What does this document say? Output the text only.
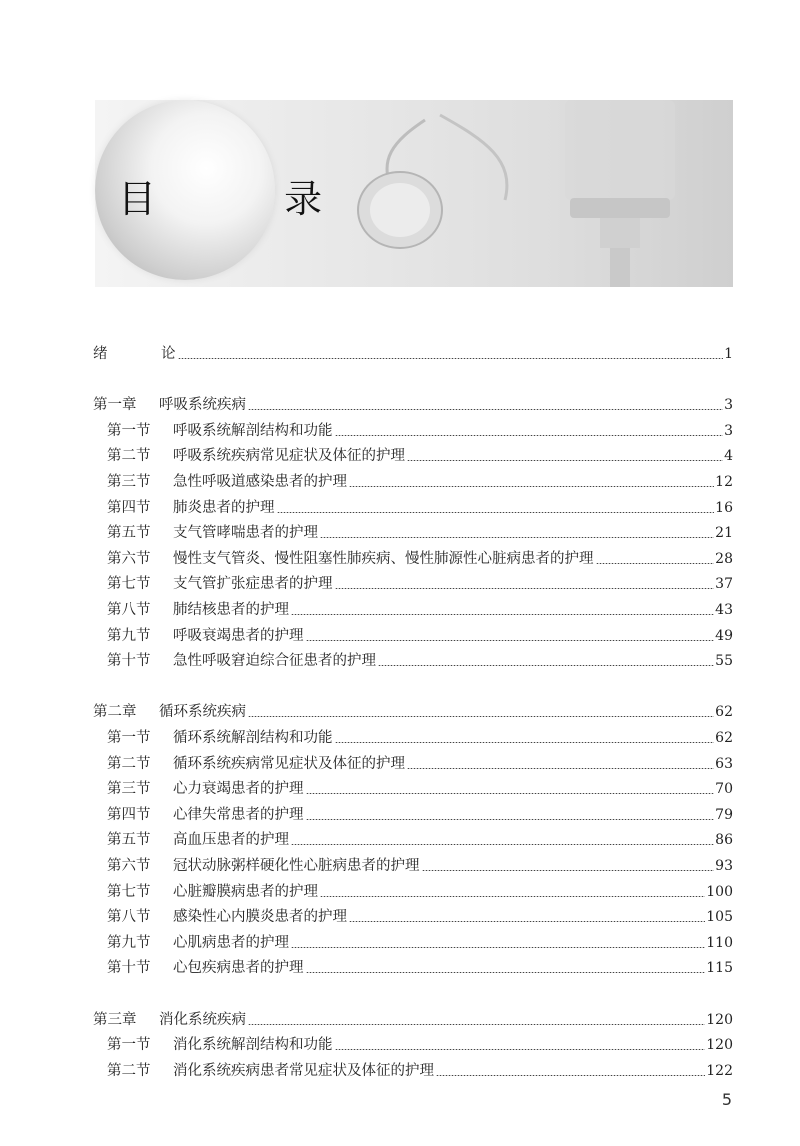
目 录
绪	论	1
第一章 呼吸系统疾病	3
第一节 呼吸系统解剖结构和功能	3
第二节 呼吸系统疾病常见症状及体征的护理	4
第三节 急性呼吸道感染患者的护理	12
第四节 肺炎患者的护理	16
第五节 支气管哮喘患者的护理	21
第六节 慢性支气管炎、慢性阻塞性肺疾病、慢性肺源性心脏病患者的护理	28
第七节 支气管扩张症患者的护理	37
第八节 肺结核患者的护理	43
第九节 呼吸衰竭患者的护理	49
第十节 急性呼吸窘迫综合征患者的护理	55
第二章 循环系统疾病	62
第一节 循环系统解剖结构和功能	62
第二节 循环系统疾病常见症状及体征的护理	63
第三节 心力衰竭患者的护理	70
第四节 心律失常患者的护理	79
第五节 高血压患者的护理	86
第六节 冠状动脉粥样硬化性心脏病患者的护理	93
第七节 心脏瓣膜病患者的护理	100
第八节 感染性心内膜炎患者的护理	105
第九节 心肌病患者的护理	110
第十节 心包疾病患者的护理	115
第三章 消化系统疾病	120
第一节 消化系统解剖结构和功能	120
第二节 消化系统疾病患者常见症状及体征的护理	122
5
